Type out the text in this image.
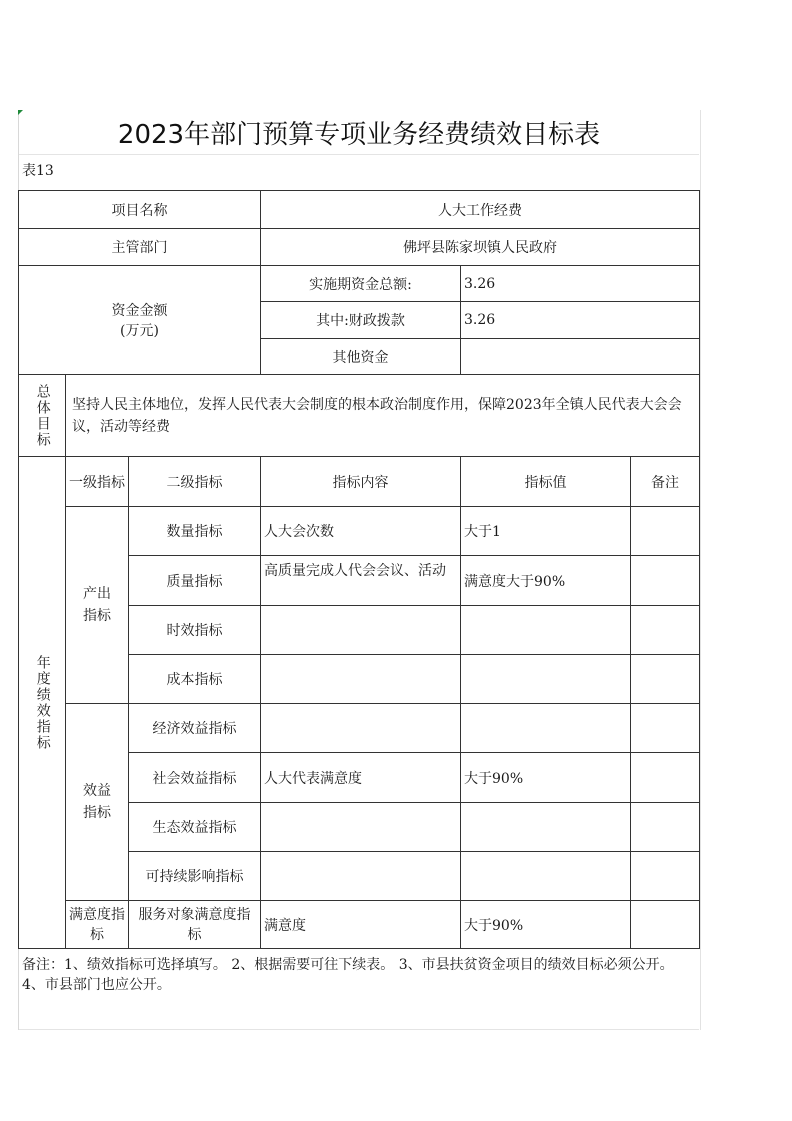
2023年部门预算专项业务经费绩效目标表
表13
项目名称			人大工作经费		
主管部门			佛坪县陈家坝镇人民政府		

资金金额
(万元)			实施期资金总额:	3.26	
			其中:财政拨款	3.26	
			其他资金		

总体目标	坚持人民主体地位，发挥人民代表大会制度的根本政治制度作用，保障2023年全镇人民代表大会会议，活动等经费				

年度绩效指标	一级指标	二级指标	指标内容	指标值	备注

	产出指标	数量指标	人大会次数	大于1	
		质量指标	高质量完成人代会会议、活动	满意度大于90%	
		时效指标			
		成本指标			

	效益指标	经济效益指标			
		社会效益指标	人大代表满意度	大于90%	
		生态效益指标			
		可持续影响指标			

	满意度指标	服务对象满意度指标	满意度	大于90%	
备注：1、绩效指标可选择填写。 2、根据需要可往下续表。 3、市县扶贫资金项目的绩效目标必须公开。
4、市县部门也应公开。
